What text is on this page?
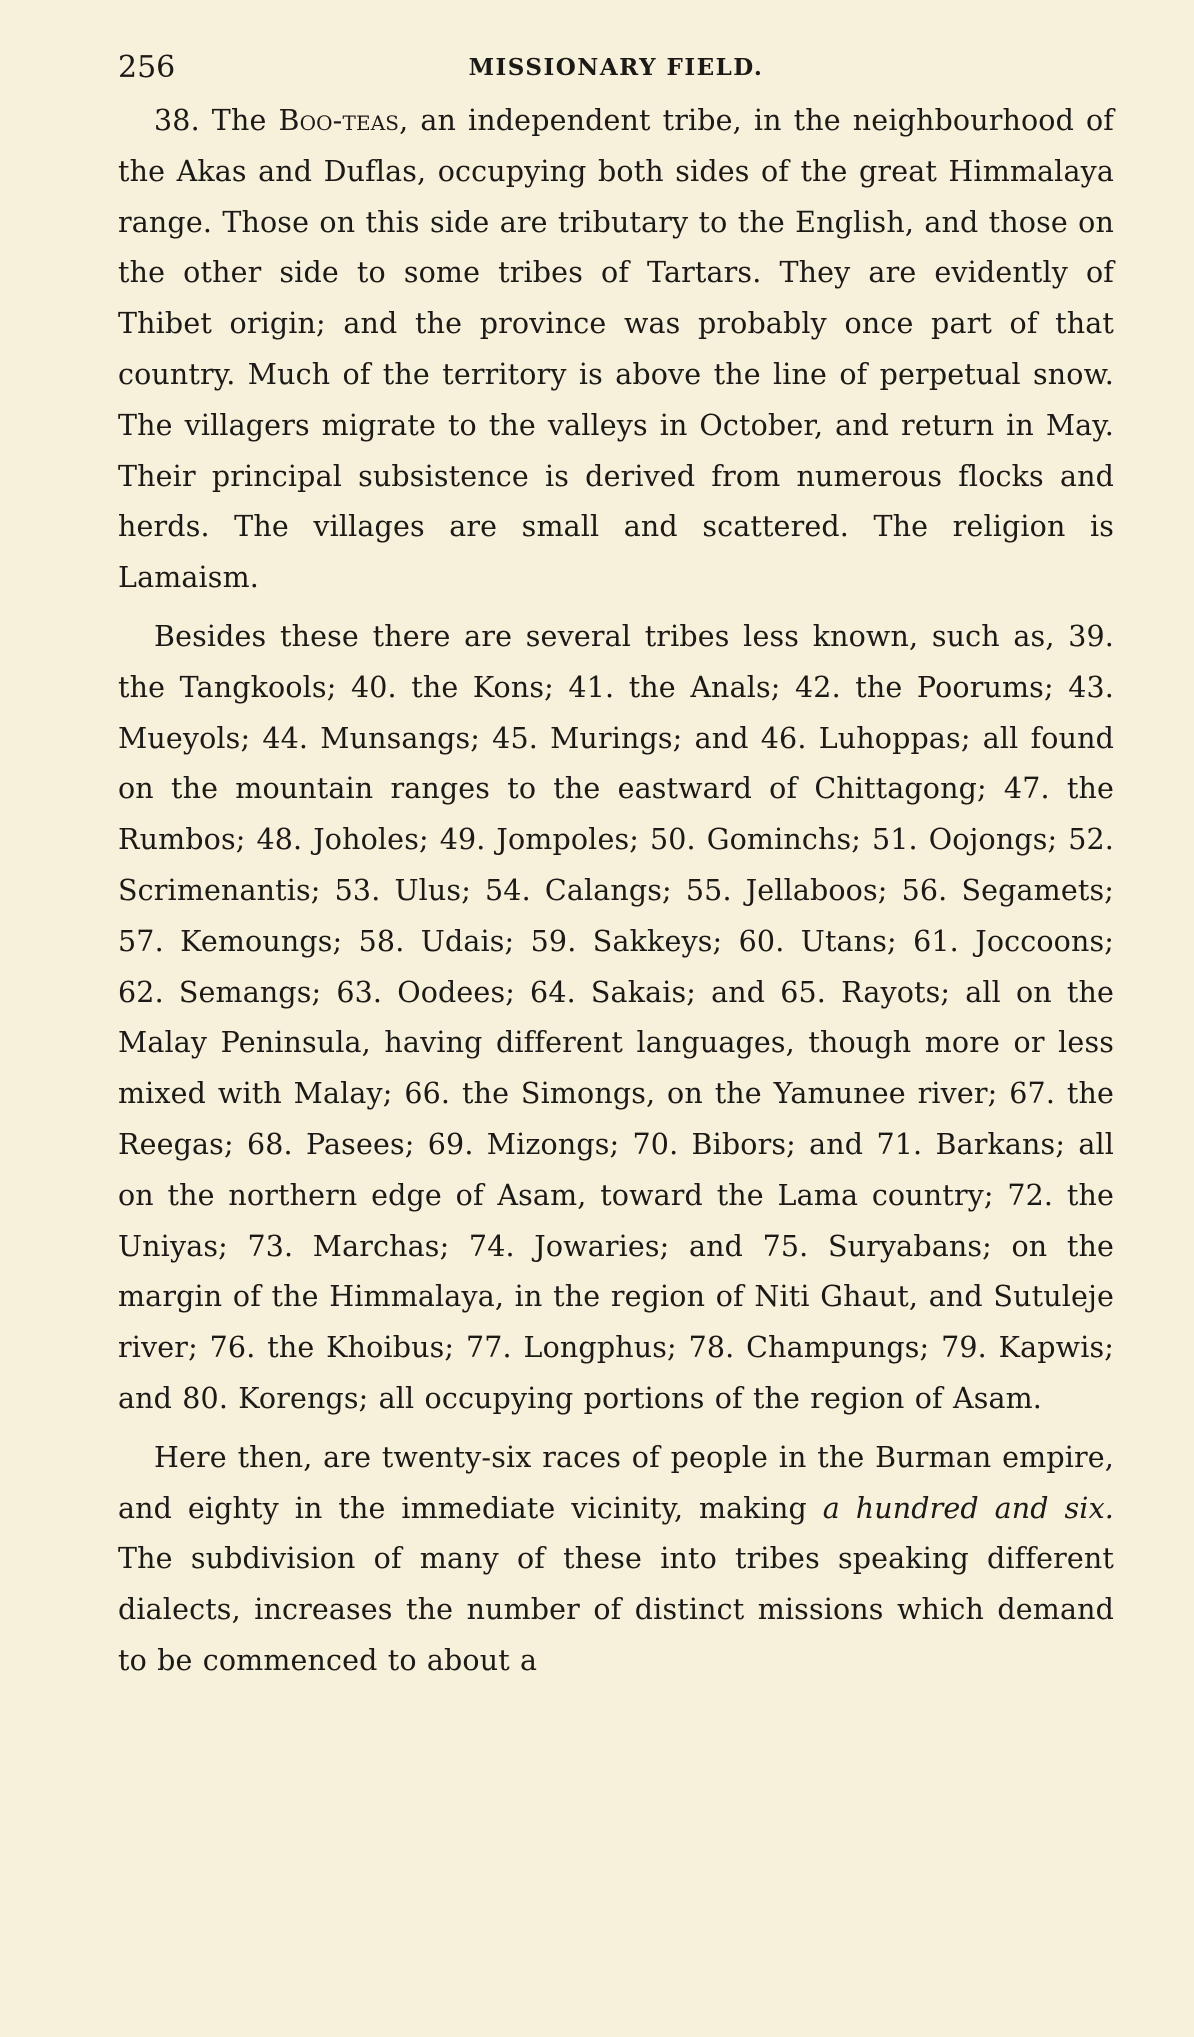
256	MISSIONARY FIELD.

38. The Boo-teas, an independent tribe, in the neighbourhood of the Akas and Duflas, occupying both sides of the great Himmalaya range. Those on this side are tributary to the English, and those on the other side to some tribes of Tartars. They are evidently of Thibet origin; and the province was probably once part of that country. Much of the territory is above the line of perpetual snow. The villagers migrate to the valleys in October, and return in May. Their principal subsistence is derived from numerous flocks and herds. The villages are small and scattered. The religion is Lamaism.

Besides these there are several tribes less known, such as, 39. the Tangkools; 40. the Kons; 41. the Anals; 42. the Poorums; 43. Mueyols; 44. Munsangs; 45. Murings; and 46. Luhoppas; all found on the mountain ranges to the eastward of Chittagong; 47. the Rumbos; 48. Joholes; 49. Jompoles; 50. Gominchs; 51. Oojongs; 52. Scrimenantis; 53. Ulus; 54. Calangs; 55. Jellaboos; 56. Segamets; 57. Kemoungs; 58. Udais; 59. Sakkeys; 60. Utans; 61. Joccoons; 62. Semangs; 63. Oodees; 64. Sakais; and 65. Rayots; all on the Malay Peninsula, having different languages, though more or less mixed with Malay; 66. the Simongs, on the Yamunee river; 67. the Reegas; 68. Pasees; 69. Mizongs; 70. Bibors; and 71. Barkans; all on the northern edge of Asam, toward the Lama country; 72. the Uniyas; 73. Marchas; 74. Jowaries; and 75. Suryabans; on the margin of the Himmalaya, in the region of Niti Ghaut, and Sutuleje river; 76. the Khoibus; 77. Longphus; 78. Champungs; 79. Kapwis; and 80. Korengs; all occupying portions of the region of Asam.

Here then, are twenty-six races of people in the Burman empire, and eighty in the immediate vicinity, making a hundred and six. The subdivision of many of these into tribes speaking different dialects, increases the number of distinct missions which demand to be commenced to about a
